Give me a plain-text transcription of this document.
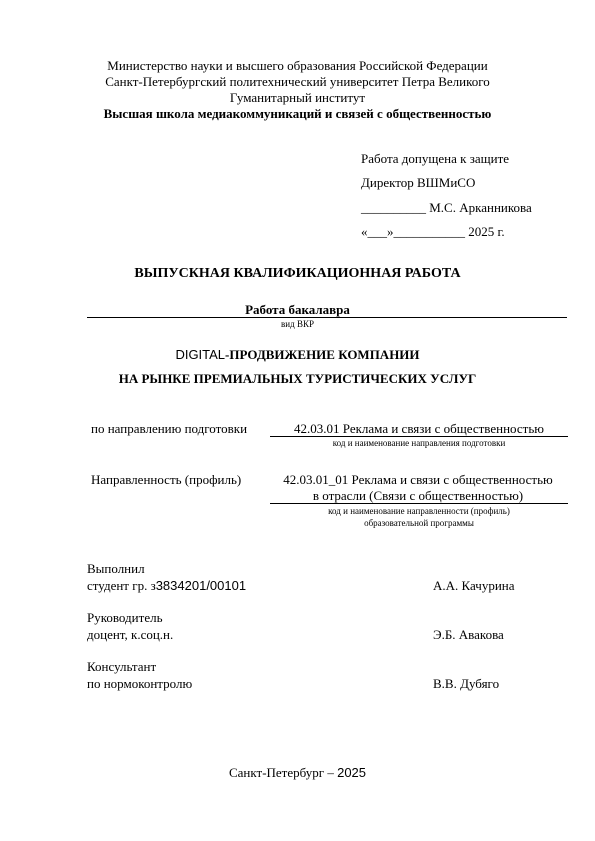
Министерство науки и высшего образования Российской Федерации
Санкт-Петербургский политехнический университет Петра Великого
Гуманитарный институт
Высшая школа медиакоммуникаций и связей с общественностью
Работа допущена к защите
Директор ВШМиСО
__________ М.С. Арканникова
«___»___________ 2025 г.
ВЫПУСКНАЯ КВАЛИФИКАЦИОННАЯ РАБОТА
Работа бакалавра
вид ВКР
DIGITAL-ПРОДВИЖЕНИЕ КОМПАНИИ
НА РЫНКЕ ПРЕМИАЛЬНЫХ ТУРИСТИЧЕСКИХ УСЛУГ
по направлению подготовки	42.03.01 Реклама и связи с общественностью
код и наименование направления подготовки
Направленность (профиль)	42.03.01_01 Реклама и связи с общественностью
в отрасли (Связи с общественностью)
код и наименование направленности (профиль)
образовательной программы
Выполнил
студент гр. з3834201/00101	А.А. Качурина
Руководитель
доцент, к.соц.н.	Э.Б. Авакова
Консультант
по нормоконтролю	В.В. Дубяго
Санкт-Петербург – 2025
